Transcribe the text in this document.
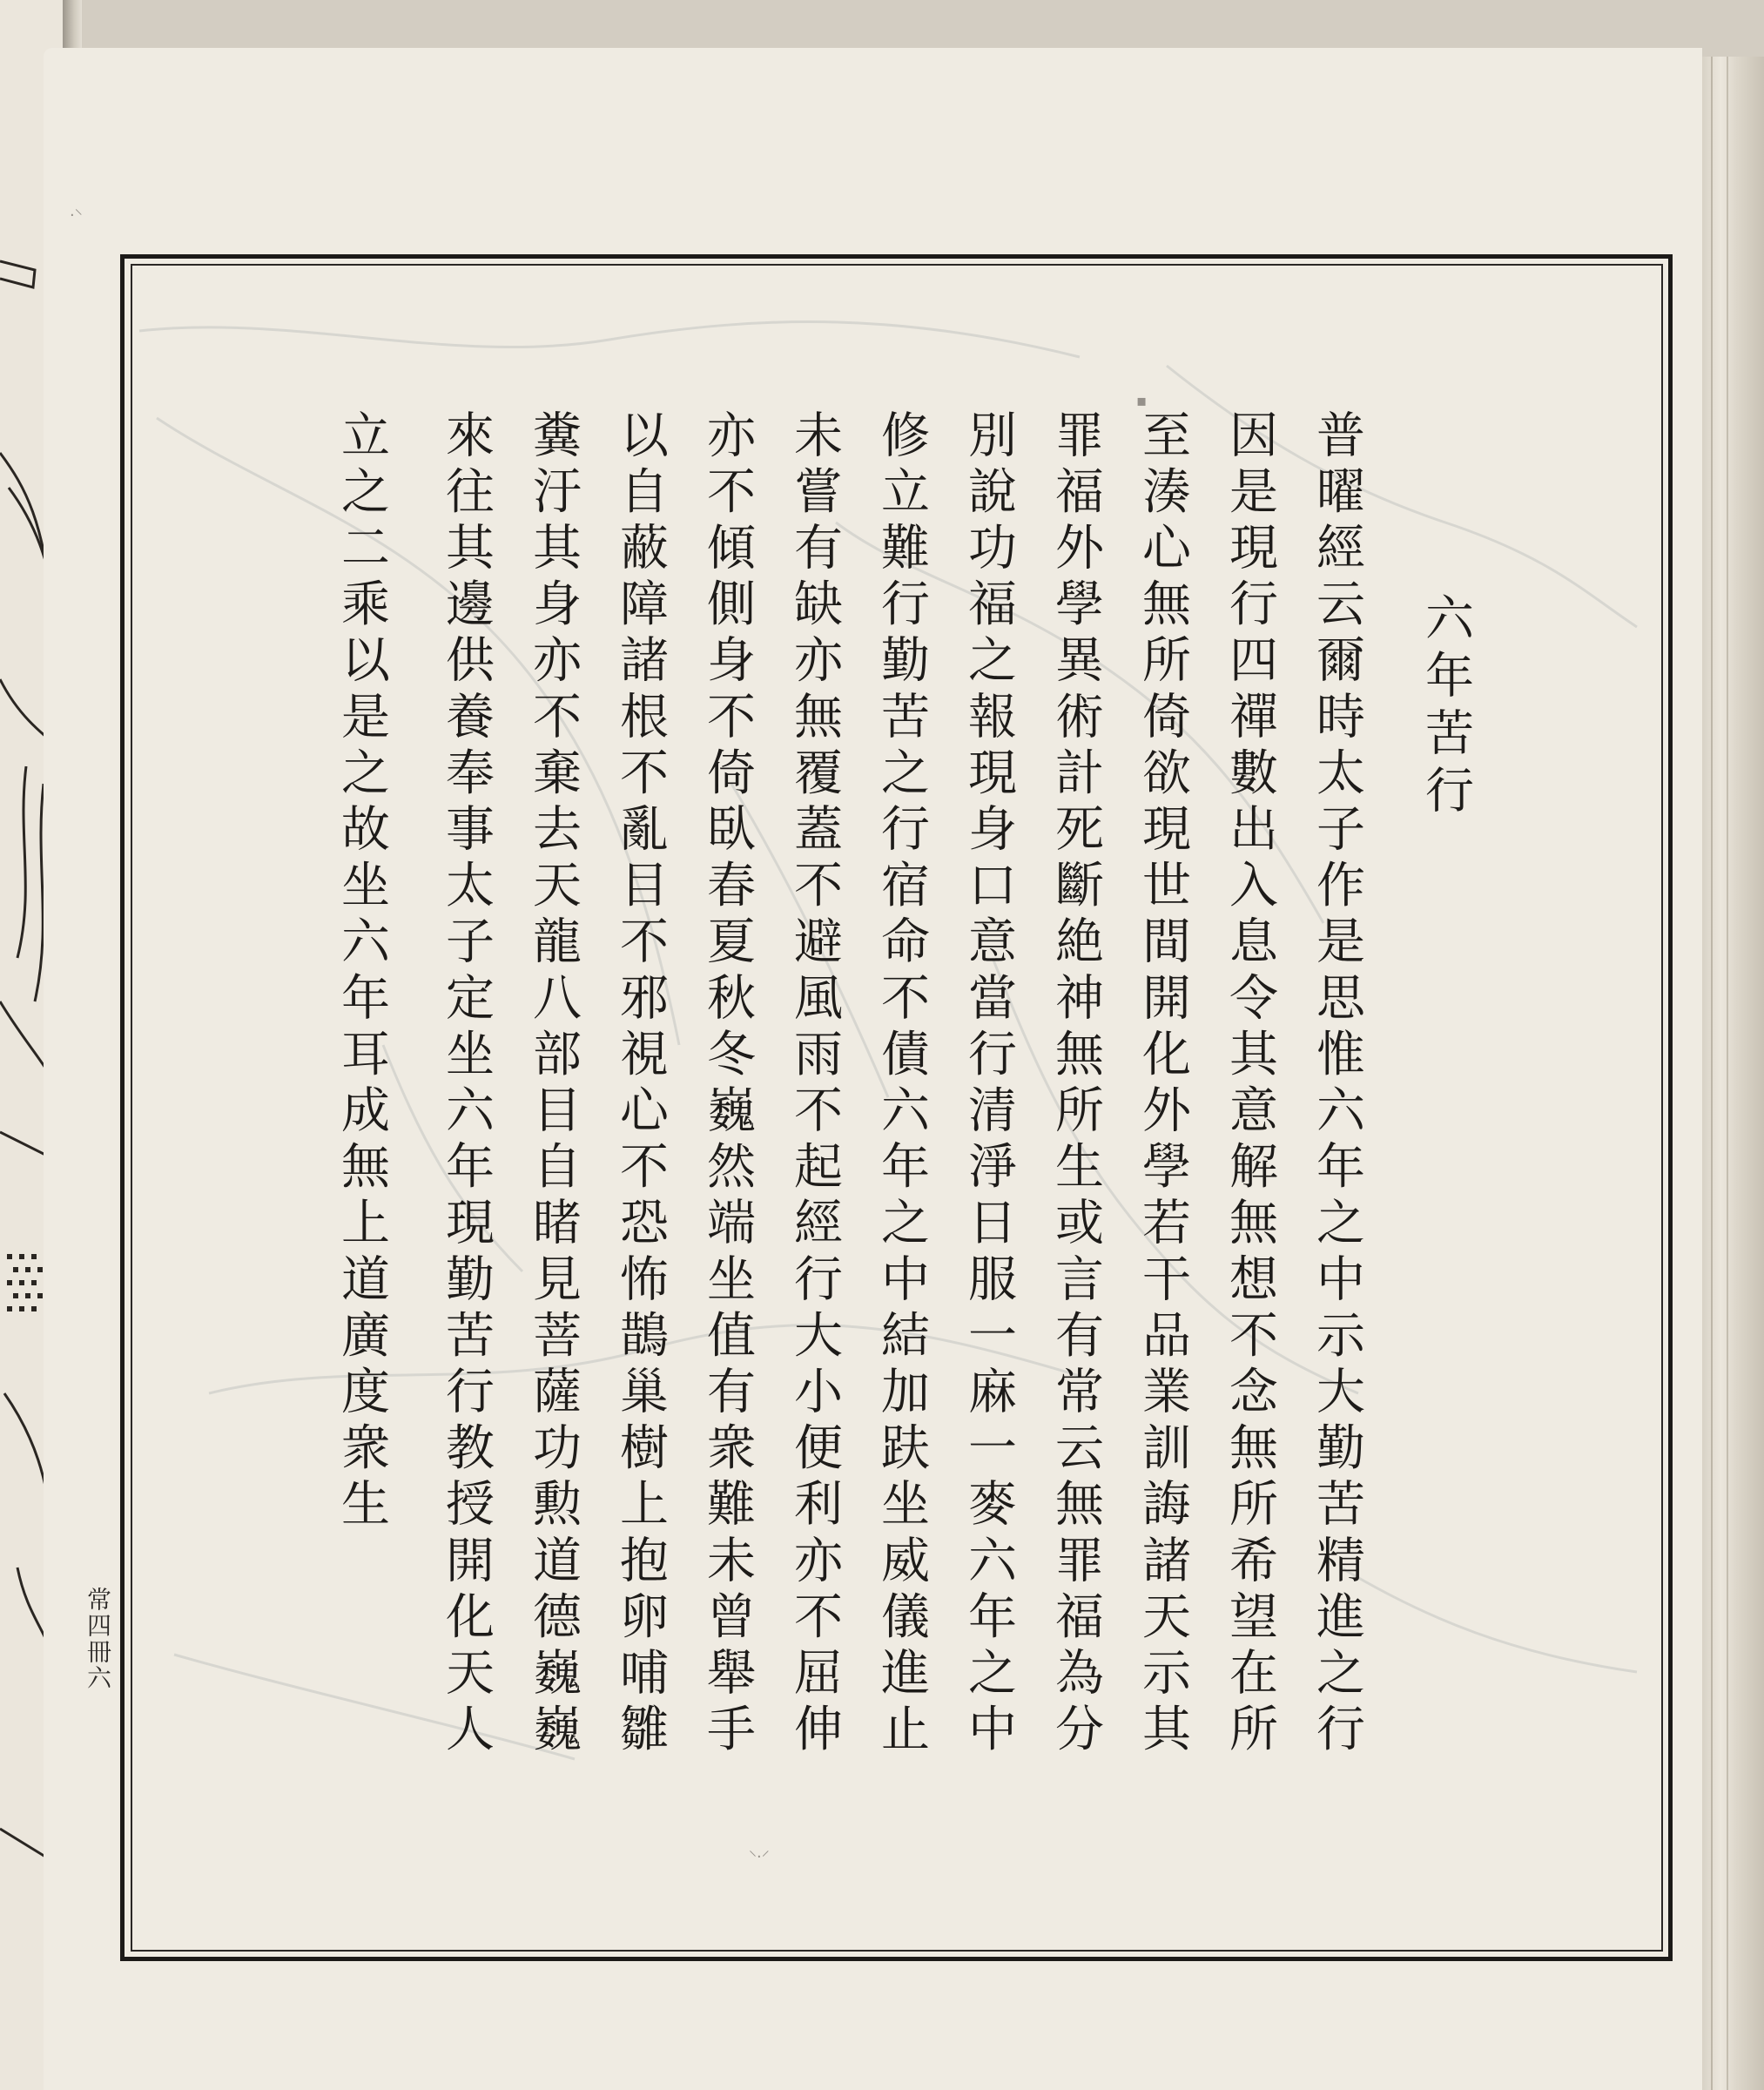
六年苦行
普曜經云爾時太子作是思惟六年之中示大勤苦精進之行
因是現行四禪數出入息令其意解無想不念無所希望在所
至湊心無所倚欲現世間開化外學若干品業訓誨諸天示其
罪福外學異術計死斷絶神無所生或言有常云無罪福為分
別說功福之報現身口意當行清淨日服一麻一麥六年之中
修立難行勤苦之行宿命不債六年之中結加趺坐威儀進止
未嘗有缺亦無覆蓋不避風雨不起經行大小便利亦不屈伸
亦不傾側身不倚臥春夏秋冬巍然端坐值有衆難未曾舉手
以自蔽障諸根不亂目不邪視心不恐怖鵲巢樹上抱卵哺雛
糞汙其身亦不棄去天龍八部目自睹見菩薩功勲道德巍巍
來往其邊供養奉事太子定坐六年現勤苦行教授開化天人
立之二乘以是之故坐六年耳成無上道廣度衆生
常四冊六
·⸌
▪
⸌·⸍
